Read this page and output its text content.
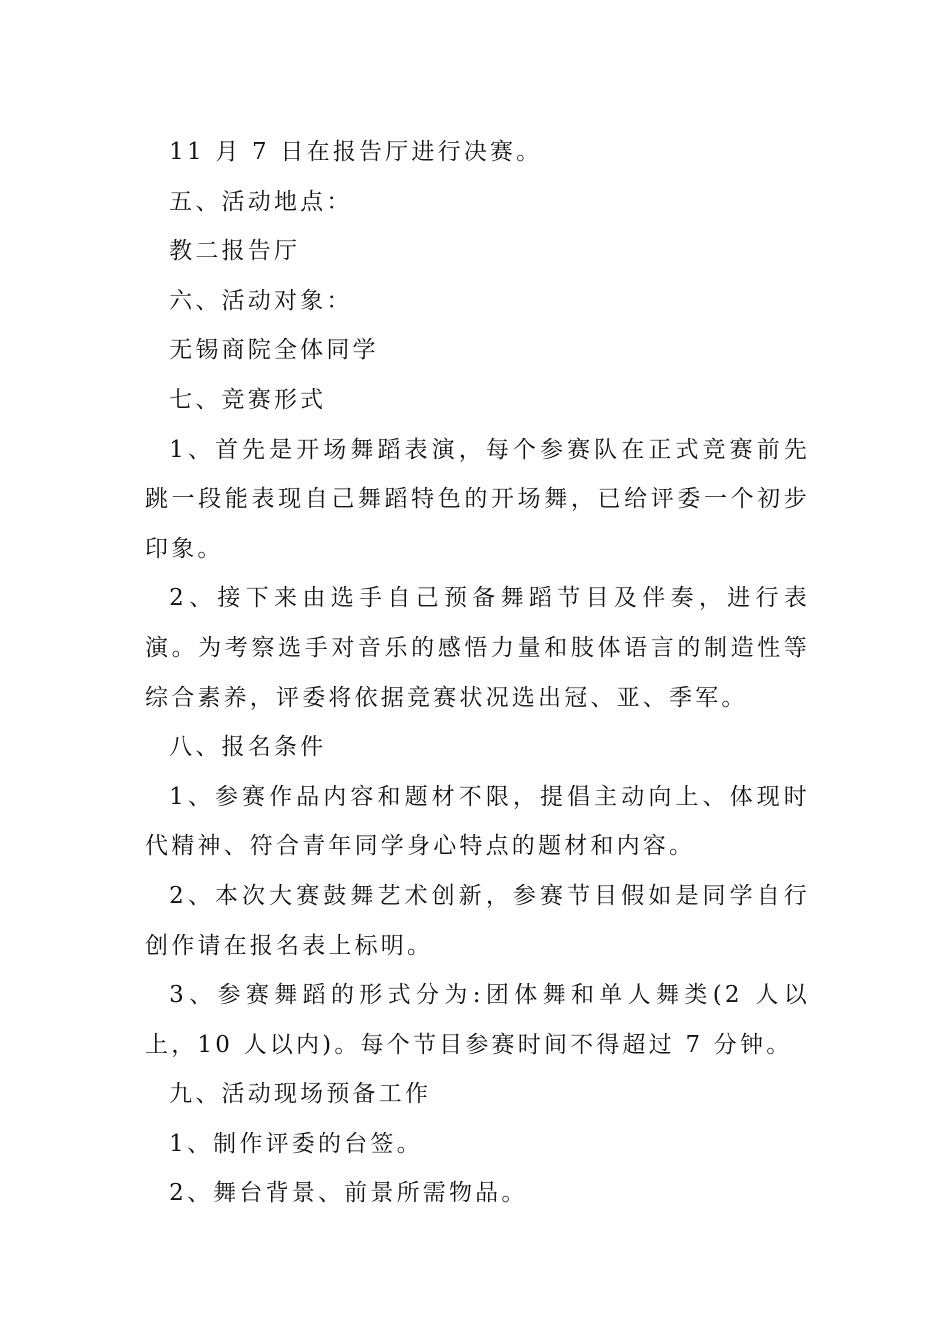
11 月 7 日在报告厅进行决赛。

五、活动地点：

教二报告厅

六、活动对象：

无锡商院全体同学

七、竞赛形式

1、首先是开场舞蹈表演，每个参赛队在正式竞赛前先跳一段能表现自己舞蹈特色的开场舞，已给评委一个初步印象。

2、接下来由选手自己预备舞蹈节目及伴奏，进行表演。为考察选手对音乐的感悟力量和肢体语言的制造性等综合素养，评委将依据竞赛状况选出冠、亚、季军。

八、报名条件

1、参赛作品内容和题材不限，提倡主动向上、体现时代精神、符合青年同学身心特点的题材和内容。

2、本次大赛鼓舞艺术创新，参赛节目假如是同学自行创作请在报名表上标明。

3、参赛舞蹈的形式分为:团体舞和单人舞类(2 人以上，10 人以内)。每个节目参赛时间不得超过 7 分钟。

九、活动现场预备工作

1、制作评委的台签。

2、舞台背景、前景所需物品。
